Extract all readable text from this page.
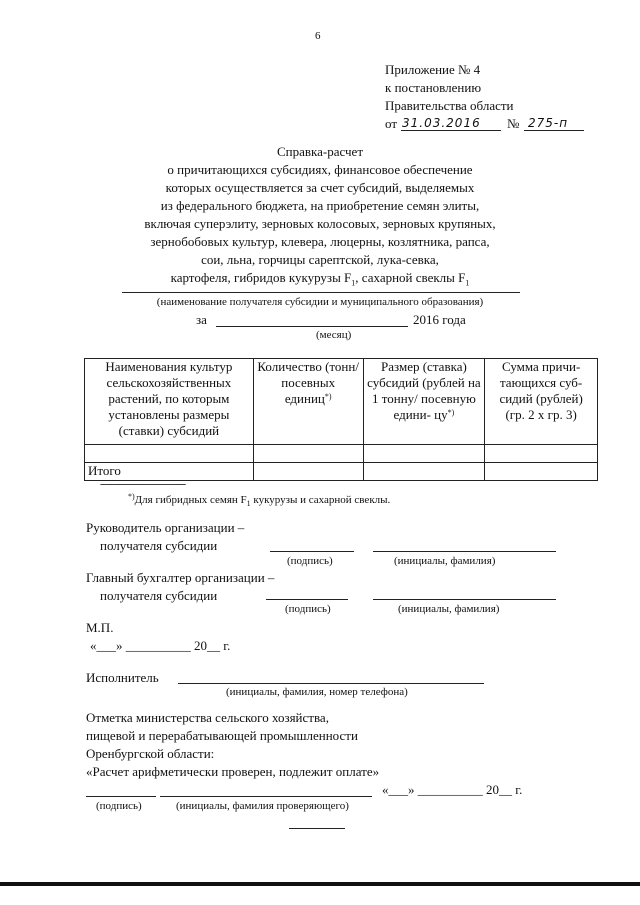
6
Приложение № 4
к постановлению
Правительства области
от 31.03.2016 № 275-п
Справка-расчет
о причитающихся субсидиях, финансовое обеспечение
которых осуществляется за счет субсидий, выделяемых
из федерального бюджета, на приобретение семян элиты,
включая суперэлиту, зерновых колосовых, зерновых крупяных,
зернобобовых культур, клевера, люцерны, козлятника, рапса,
сои, льна, горчицы сарептской, лука-севка,
картофеля, гибридов кукурузы $F_1$, сахарной свеклы $F_1$
(наименование получателя субсидии и муниципального образования)
за	2016 года
(месяц)
Наименования культур сельскохозяйственных растений, по которым установлены размеры (ставки) субсидий	Количество (тонн/посевных единиц*)	Размер (ставка) субсидий (рублей на 1 тонну/ посевную едини- цу*)	Сумма причи- тающихся суб- сидий (рублей) (гр. 2 х гр. 3)

Итого			
--------------------------------
*)Для гибридных семян $F_1$ кукурузы и сахарной свеклы.
Руководитель организации –
получателя субсидии
(подпись)	(инициалы, фамилия)
Главный бухгалтер организации –
получателя субсидии
(подпись)	(инициалы, фамилия)
М.П.
«___» __________ 20__ г.
Исполнитель
(инициалы, фамилия, номер телефона)
Отметка министерства сельского хозяйства,
пищевой и перерабатывающей промышленности
Оренбургской области:
«Расчет арифметически проверен, подлежит оплате»
«___» __________ 20__ г.
(подпись)	(инициалы, фамилия проверяющего)
